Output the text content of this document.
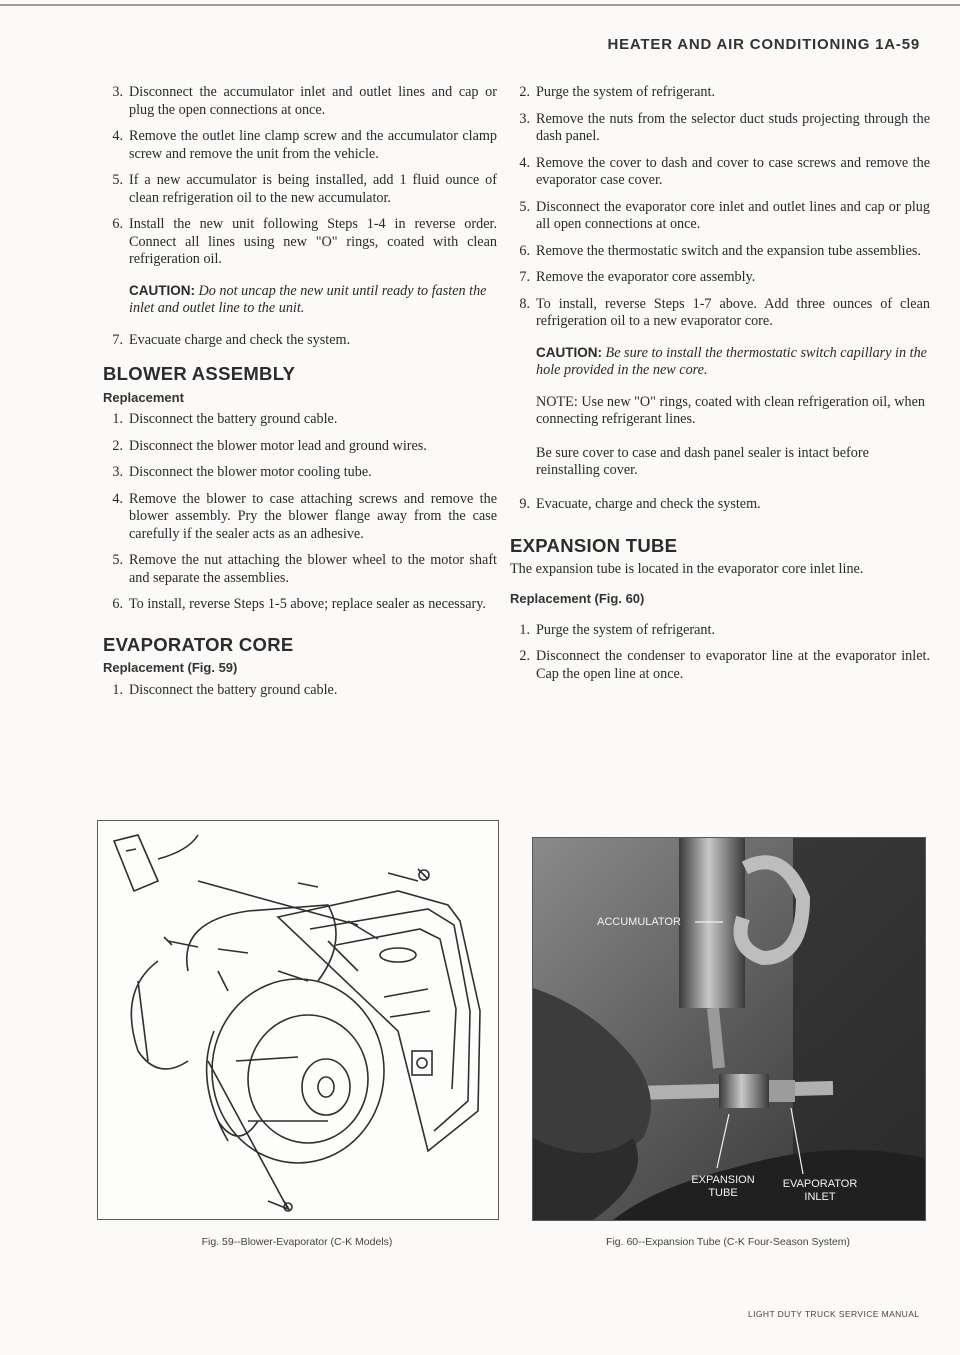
HEATER AND AIR CONDITIONING 1A-59
3. Disconnect the accumulator inlet and outlet lines and cap or plug the open connections at once.
4. Remove the outlet line clamp screw and the accumulator clamp screw and remove the unit from the vehicle.
5. If a new accumulator is being installed, add 1 fluid ounce of clean refrigeration oil to the new accumulator.
6. Install the new unit following Steps 1-4 in reverse order. Connect all lines using new "O" rings, coated with clean refrigeration oil.
CAUTION: Do not uncap the new unit until ready to fasten the inlet and outlet line to the unit.
7. Evacuate charge and check the system.
BLOWER ASSEMBLY
Replacement
1. Disconnect the battery ground cable.
2. Disconnect the blower motor lead and ground wires.
3. Disconnect the blower motor cooling tube.
4. Remove the blower to case attaching screws and remove the blower assembly. Pry the blower flange away from the case carefully if the sealer acts as an adhesive.
5. Remove the nut attaching the blower wheel to the motor shaft and separate the assemblies.
6. To install, reverse Steps 1-5 above; replace sealer as necessary.
EVAPORATOR CORE
Replacement (Fig. 59)
1. Disconnect the battery ground cable.
2. Purge the system of refrigerant.
3. Remove the nuts from the selector duct studs projecting through the dash panel.
4. Remove the cover to dash and cover to case screws and remove the evaporator case cover.
5. Disconnect the evaporator core inlet and outlet lines and cap or plug all open connections at once.
6. Remove the thermostatic switch and the expansion tube assemblies.
7. Remove the evaporator core assembly.
8. To install, reverse Steps 1-7 above. Add three ounces of clean refrigeration oil to a new evaporator core.
CAUTION: Be sure to install the thermostatic switch capillary in the hole provided in the new core.
NOTE: Use new "O" rings, coated with clean refrigeration oil, when connecting refrigerant lines.
Be sure cover to case and dash panel sealer is intact before reinstalling cover.
9. Evacuate, charge and check the system.
EXPANSION TUBE
The expansion tube is located in the evaporator core inlet line.
Replacement (Fig. 60)
1. Purge the system of refrigerant.
2. Disconnect the condenser to evaporator line at the evaporator inlet. Cap the open line at once.
Fig. 59--Blower-Evaporator (C-K Models)
ACCUMULATOR
EXPANSION
TUBE
EVAPORATOR
INLET
Fig. 60--Expansion Tube (C-K Four-Season System)
LIGHT DUTY TRUCK SERVICE MANUAL
